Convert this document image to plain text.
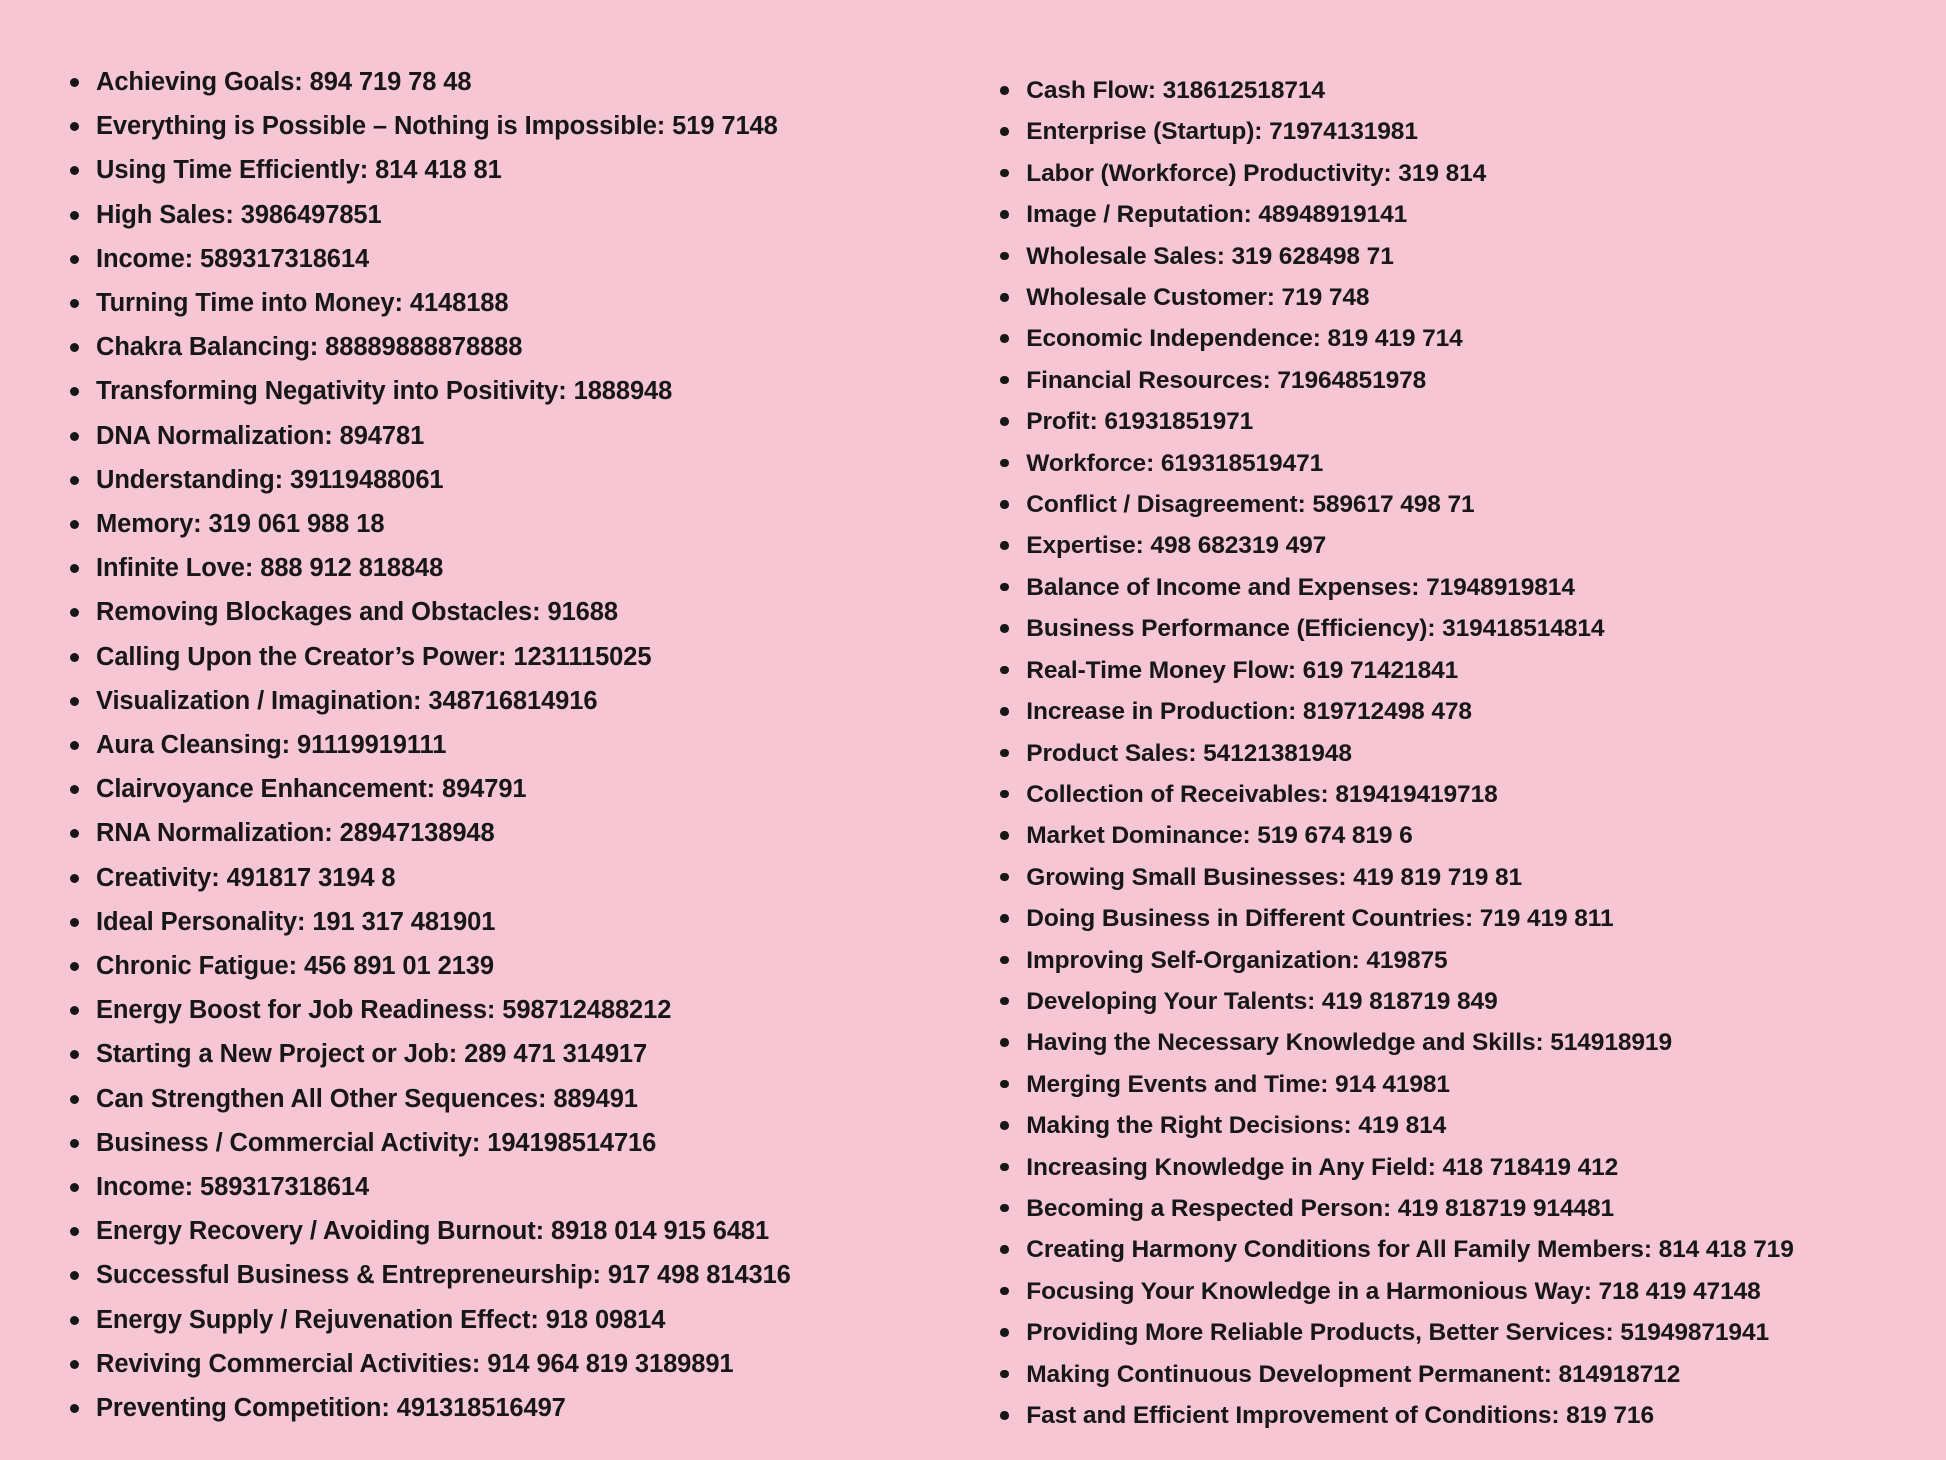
Achieving Goals: 894 719 78 48
Everything is Possible – Nothing is Impossible: 519 7148
Using Time Efficiently: 814 418 81
High Sales: 3986497851
Income: 589317318614
Turning Time into Money: 4148188
Chakra Balancing: 88889888878888
Transforming Negativity into Positivity: 1888948
DNA Normalization: 894781
Understanding: 39119488061
Memory: 319 061 988 18
Infinite Love: 888 912 818848
Removing Blockages and Obstacles: 91688
Calling Upon the Creator’s Power: 1231115025
Visualization / Imagination: 348716814916
Aura Cleansing: 91119919111
Clairvoyance Enhancement: 894791
RNA Normalization: 28947138948
Creativity: 491817 3194 8
Ideal Personality: 191 317 481901
Chronic Fatigue: 456 891 01 2139
Energy Boost for Job Readiness: 598712488212
Starting a New Project or Job: 289 471 314917
Can Strengthen All Other Sequences: 889491
Business / Commercial Activity: 194198514716
Income: 589317318614
Energy Recovery / Avoiding Burnout: 8918 014 915 6481
Successful Business & Entrepreneurship: 917 498 814316
Energy Supply / Rejuvenation Effect: 918 09814
Reviving Commercial Activities: 914 964 819 3189891
Preventing Competition: 491318516497
Cash Flow: 318612518714
Enterprise (Startup): 71974131981
Labor (Workforce) Productivity: 319 814
Image / Reputation: 48948919141
Wholesale Sales: 319 628498 71
Wholesale Customer: 719 748
Economic Independence: 819 419 714
Financial Resources: 71964851978
Profit: 61931851971
Workforce: 619318519471
Conflict / Disagreement: 589617 498 71
Expertise: 498 682319 497
Balance of Income and Expenses: 71948919814
Business Performance (Efficiency): 319418514814
Real-Time Money Flow: 619 71421841
Increase in Production: 819712498 478
Product Sales: 54121381948
Collection of Receivables: 819419419718
Market Dominance: 519 674 819 6
Growing Small Businesses: 419 819 719 81
Doing Business in Different Countries: 719 419 811
Improving Self-Organization: 419875
Developing Your Talents: 419 818719 849
Having the Necessary Knowledge and Skills: 514918919
Merging Events and Time: 914 41981
Making the Right Decisions: 419 814
Increasing Knowledge in Any Field: 418 718419 412
Becoming a Respected Person: 419 818719 914481
Creating Harmony Conditions for All Family Members: 814 418 719
Focusing Your Knowledge in a Harmonious Way: 718 419 47148
Providing More Reliable Products, Better Services: 51949871941
Making Continuous Development Permanent: 814918712
Fast and Efficient Improvement of Conditions: 819 716
